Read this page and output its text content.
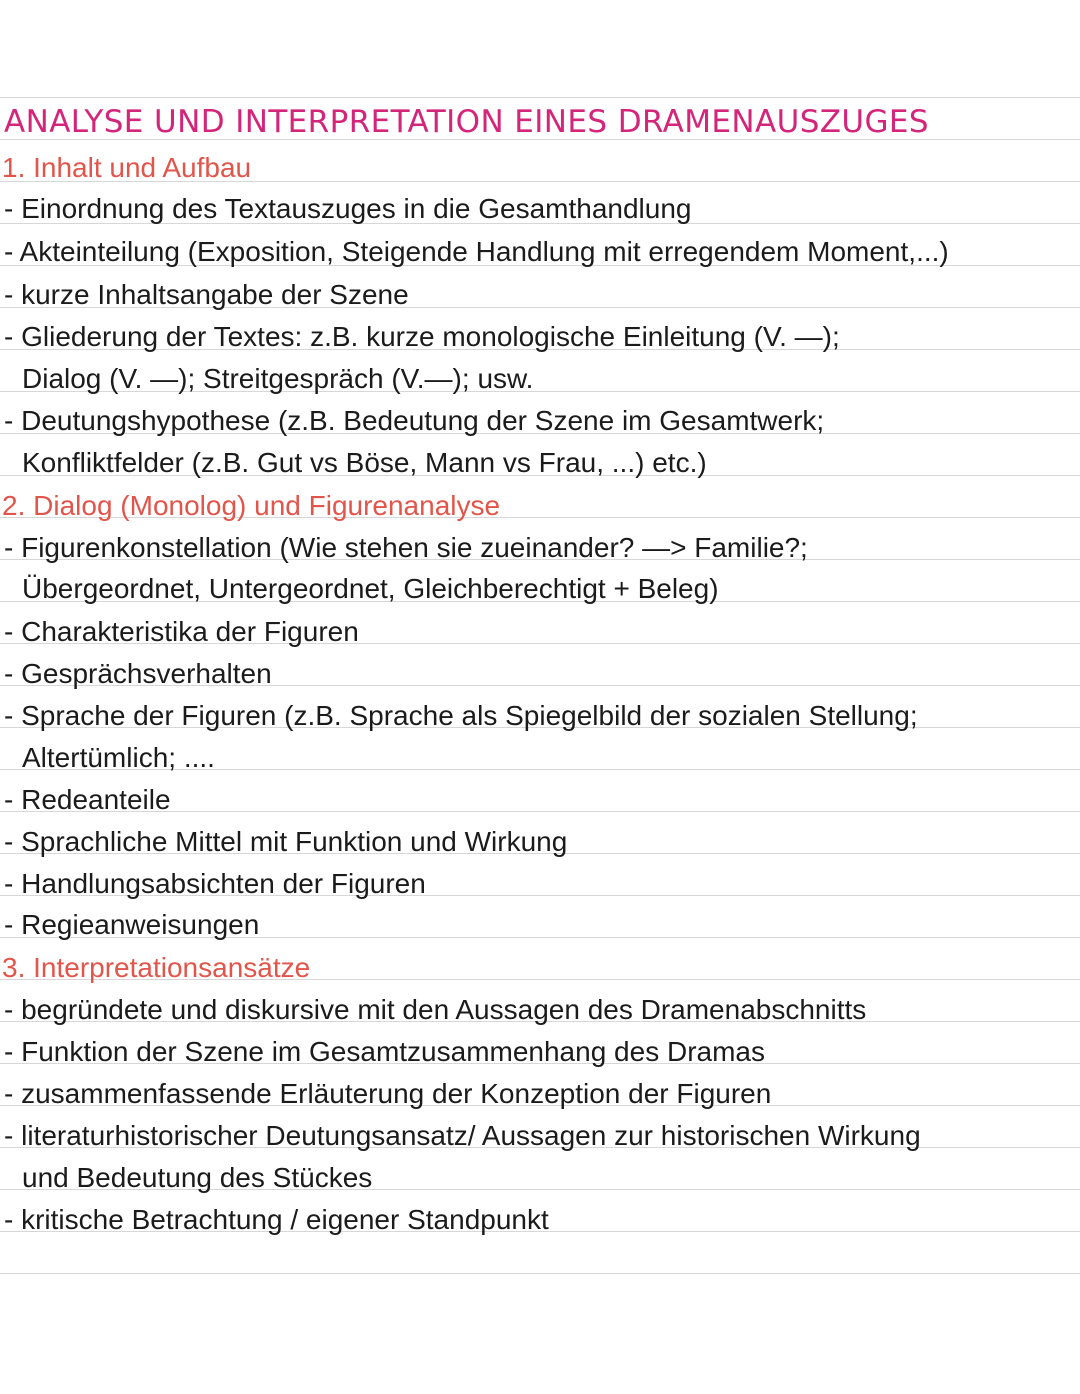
ANALYSE UND INTERPRETATION EINES DRAMENAUSZUGES
1. Inhalt und Aufbau
- Einordnung des Textauszuges in die Gesamthandlung
- Akteinteilung (Exposition, Steigende Handlung mit erregendem Moment,...)
- kurze Inhaltsangabe der Szene
- Gliederung der Textes: z.B. kurze monologische Einleitung (V. —);
Dialog (V. —); Streitgespräch (V.—); usw.
- Deutungshypothese (z.B. Bedeutung der Szene im Gesamtwerk;
Konfliktfelder (z.B. Gut vs Böse, Mann vs Frau, ...) etc.)
2. Dialog (Monolog) und Figurenanalyse
- Figurenkonstellation (Wie stehen sie zueinander? —> Familie?;
Übergeordnet, Untergeordnet, Gleichberechtigt + Beleg)
- Charakteristika der Figuren
- Gesprächsverhalten
- Sprache der Figuren (z.B. Sprache als Spiegelbild der sozialen Stellung;
Altertümlich; ....
- Redeanteile
- Sprachliche Mittel mit Funktion und Wirkung
- Handlungsabsichten der Figuren
- Regieanweisungen
3. Interpretationsansätze
- begründete und diskursive mit den Aussagen des Dramenabschnitts
- Funktion der Szene im Gesamtzusammenhang des Dramas
- zusammenfassende Erläuterung der Konzeption der Figuren
- literaturhistorischer Deutungsansatz/ Aussagen zur historischen Wirkung
und Bedeutung des Stückes
- kritische Betrachtung / eigener Standpunkt
